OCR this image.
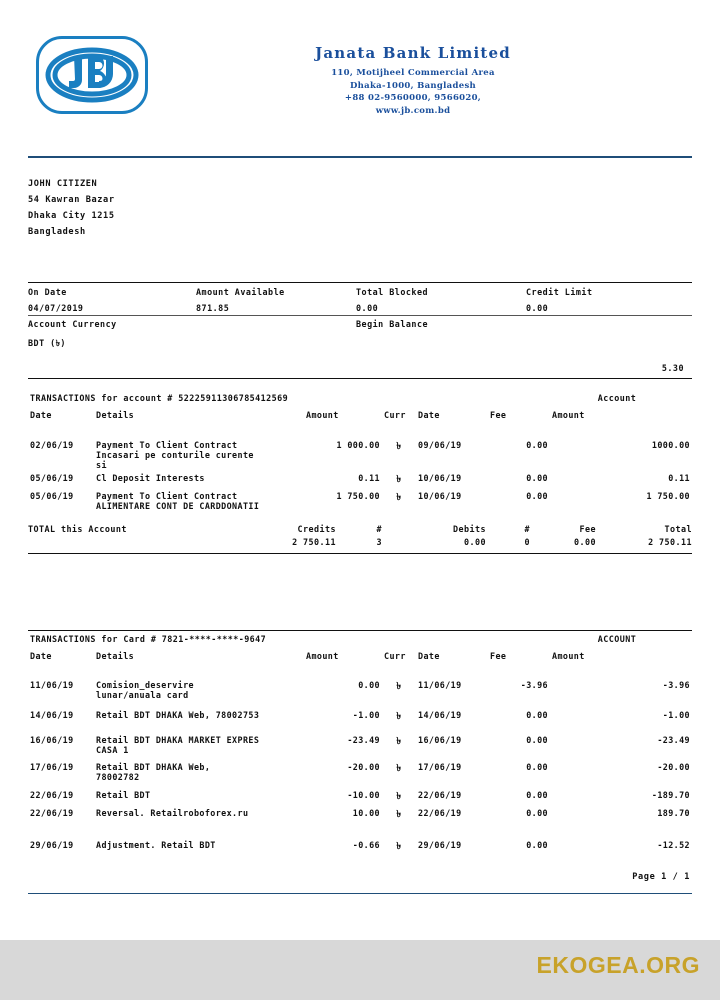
Janata Bank Limited
110, Motijheel Commercial Area
Dhaka-1000, Bangladesh
+88 02-9560000, 9566020,
www.jb.com.bd
JOHN CITIZEN
54 Kawran Bazar
Dhaka City 1215
Bangladesh
On Date	Amount Available	Total Blocked	Credit Limit
04/07/2019	871.85	0.00	0.00
Account Currency	Begin Balance
BDT (৳)
5.30
TRANSACTIONS for account # 52225911306785412569	Account
Date	Details	Amount	Curr	Date	Fee	Amount

02/06/19	Payment To Client Contract
Incasari pe conturile curente
si	1 000.00	৳	09/06/19	0.00	1000.00
05/06/19	Cl Deposit Interests	0.11	৳	10/06/19	0.00	0.11
05/06/19	Payment To Client Contract
ALIMENTARE CONT DE CARDDONATII	1 750.00	৳	10/06/19	0.00	1 750.00
TOTAL this Account	Credits	#	Debits	#	Fee	Total
2 750.11	3	0.00	0	0.00	2 750.11
TRANSACTIONS for Card # 7821-****-****-9647	ACCOUNT
Date	Details	Amount	Curr	Date	Fee	Amount

11/06/19	Comision_deservire
lunar/anuala card	0.00	৳	11/06/19	-3.96	-3.96

14/06/19	Retail BDT DHAKA Web, 78002753	-1.00	৳	14/06/19	0.00	-1.00

16/06/19	Retail BDT DHAKA MARKET EXPRES
CASA 1	-23.49	৳	16/06/19	0.00	-23.49

17/06/19	Retail BDT DHAKA Web,
78002782	-20.00	৳	17/06/19	0.00	-20.00

22/06/19	Retail BDT	-10.00	৳	22/06/19	0.00	-189.70
22/06/19	Reversal. Retailroboforex.ru	10.00	৳	22/06/19	0.00	189.70

29/06/19	Adjustment. Retail BDT	-0.66	৳	29/06/19	0.00	-12.52
Page 1 / 1
EKOGEA.ORG
